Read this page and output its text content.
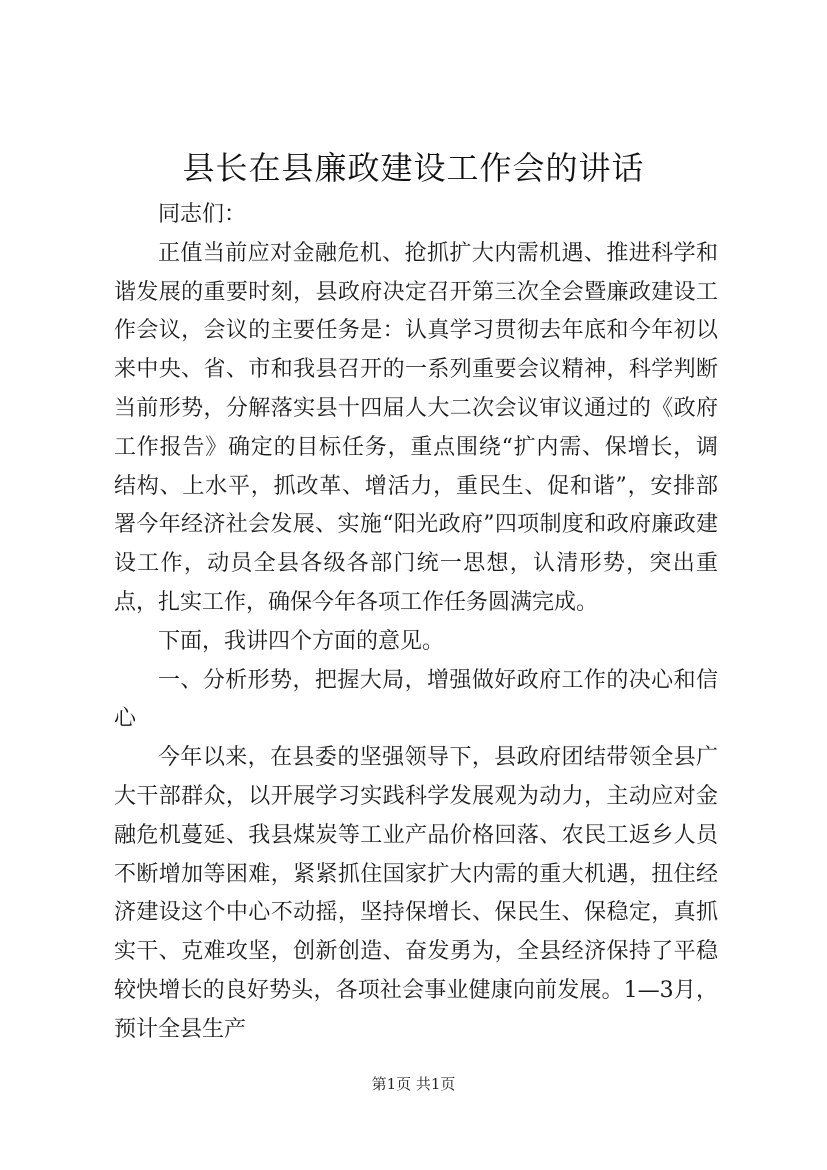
县长在县廉政建设工作会的讲话

同志们：

正值当前应对金融危机、抢抓扩大内需机遇、推进科学和谐发展的重要时刻，县政府决定召开第三次全会暨廉政建设工作会议，会议的主要任务是：认真学习贯彻去年底和今年初以来中央、省、市和我县召开的一系列重要会议精神，科学判断当前形势，分解落实县十四届人大二次会议审议通过的《政府工作报告》确定的目标任务，重点围绕“扩内需、保增长，调结构、上水平，抓改革、增活力，重民生、促和谐”，安排部署今年经济社会发展、实施“阳光政府”四项制度和政府廉政建设工作，动员全县各级各部门统一思想，认清形势，突出重点，扎实工作，确保今年各项工作任务圆满完成。

下面，我讲四个方面的意见。

一、分析形势，把握大局，增强做好政府工作的决心和信心

今年以来，在县委的坚强领导下，县政府团结带领全县广大干部群众，以开展学习实践科学发展观为动力，主动应对金融危机蔓延、我县煤炭等工业产品价格回落、农民工返乡人员不断增加等困难，紧紧抓住国家扩大内需的重大机遇，扭住经济建设这个中心不动摇，坚持保增长、保民生、保稳定，真抓实干、克难攻坚，创新创造、奋发勇为，全县经济保持了平稳较快增长的良好势头，各项社会事业健康向前发展。1—3月，预计全县生产

第1页 共1页
